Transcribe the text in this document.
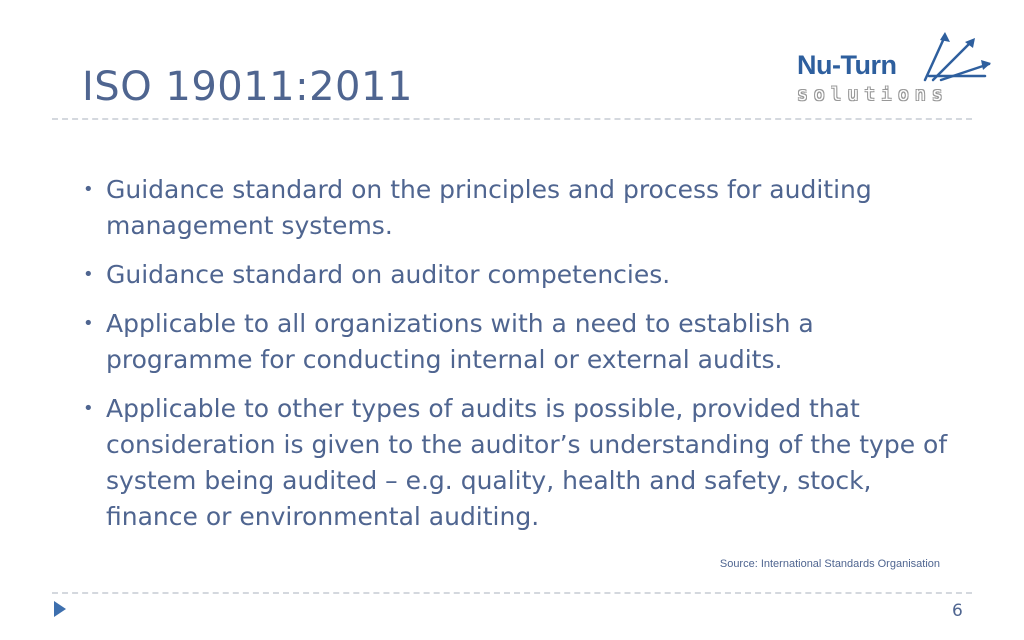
ISO 19011:2011	Nu-Turn
solutions
• Guidance standard on the principles and process for auditing management systems.
• Guidance standard on auditor competencies.
• Applicable to all organizations with a need to establish a programme for conducting internal or external audits.
• Applicable to other types of audits is possible, provided that consideration is given to the auditor’s understanding of the type of system being audited – e.g. quality, health and safety, stock, finance or environmental auditing.
Source: International Standards Organisation
6
